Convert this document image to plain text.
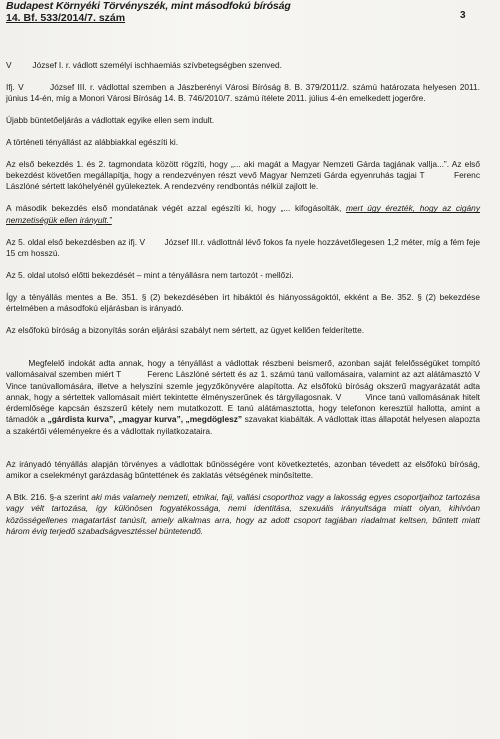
Budapest Környéki Törvényszék, mint másodfokú bíróság
14. Bf. 533/2014/7. szám	3

V         József I. r. vádlott személyi ischhaemiás szívbetegségben szenved.

Ifj. V        József III. r. vádlottal szemben a Jászberényi Városi Bíróság 8. B. 379/2011/2. számú határozata helyesen 2011. június 14-én, míg a Monori Városi Bíróság 14. B. 746/2010/7. számú ítélete 2011. július 4-én emelkedett jogerőre.

Újabb büntetőeljárás a vádlottak egyike ellen sem indult.

A történeti tényállást az alábbiakkal egészíti ki.

Az első bekezdés 1. és 2. tagmondata között rögzíti, hogy „... aki magát a Magyar Nemzeti Gárda tagjának vallja...”. Az első bekezdést követően megállapítja, hogy a rendezvényen részt vevő Magyar Nemzeti Gárda egyenruhás tagjai T          Ferenc Lászlóné sértett lakóhelyénél gyülekeztek. A rendezvény rendbontás nélkül zajlott le.

A második bekezdés első mondatának végét azzal egészíti ki, hogy „... kifogásolták, mert úgy érezték, hogy az cigány nemzetiségük ellen irányult.”

Az 5. oldal első bekezdésben az ifj. V        József III.r. vádlottnál lévő fokos fa nyele hozzávetőlegesen 1,2 méter, míg a fém feje 15 cm hosszú.

Az 5. oldal utolsó előtti bekezdését – mint a tényállásra nem tartozót - mellőzi.

Így a tényállás mentes a Be. 351. § (2) bekezdésében írt hibáktól és hiányosságoktól, ekként a Be. 352. § (2) bekezdése értelmében a másodfokú eljárásban is irányadó.

Az elsőfokú bíróság a bizonyítás során eljárási szabályt nem sértett, az ügyet kellően felderítette.

Megfelelő indokát adta annak, hogy a tényállást a vádlottak részbeni beismerő, azonban saját felelősségüket tompító vallomásaival szemben miért T          Ferenc Lászlóné sértett és az 1. számú tanú vallomásaira, valamint az azt alátámasztó V        Vince tanúvallomására, illetve a helyszíni szemle jegyzőkönyvére alapította. Az elsőfokú bíróság okszerű magyarázatát adta annak, hogy a sértettek vallomásait miért tekintette élményszerűnek és tárgyilagosnak. V        Vince tanú vallomásának hitelt érdemlősége kapcsán észszerű kétely nem mutatkozott. E tanú alátámasztotta, hogy telefonon keresztül hallotta, amint a támadók a „gárdista kurva”, „magyar kurva”, „megdöglesz” szavakat kiabálták. A vádlottak ittas állapotát helyesen alapozta a szakértői véleményekre és a vádlottak nyilatkozataira.

Az irányadó tényállás alapján törvényes a vádlottak bűnösségére vont következtetés, azonban tévedett az elsőfokú bíróság, amikor a cselekményt garázdaság bűntettének és zaklatás vétségének minősítette.

A Btk. 216. §-a szerint aki más valamely nemzeti, etnikai, faji, vallási csoporthoz vagy a lakosság egyes csoportjaihoz tartozása vagy vélt tartozása, így különösen fogyatékossága, nemi identitása, szexuális irányultsága miatt olyan, kihívóan közösségellenes magatartást tanúsít, amely alkalmas arra, hogy az adott csoport tagjában riadalmat keltsen, bűntett miatt három évig terjedő szabadságvesztéssel büntetendő.
